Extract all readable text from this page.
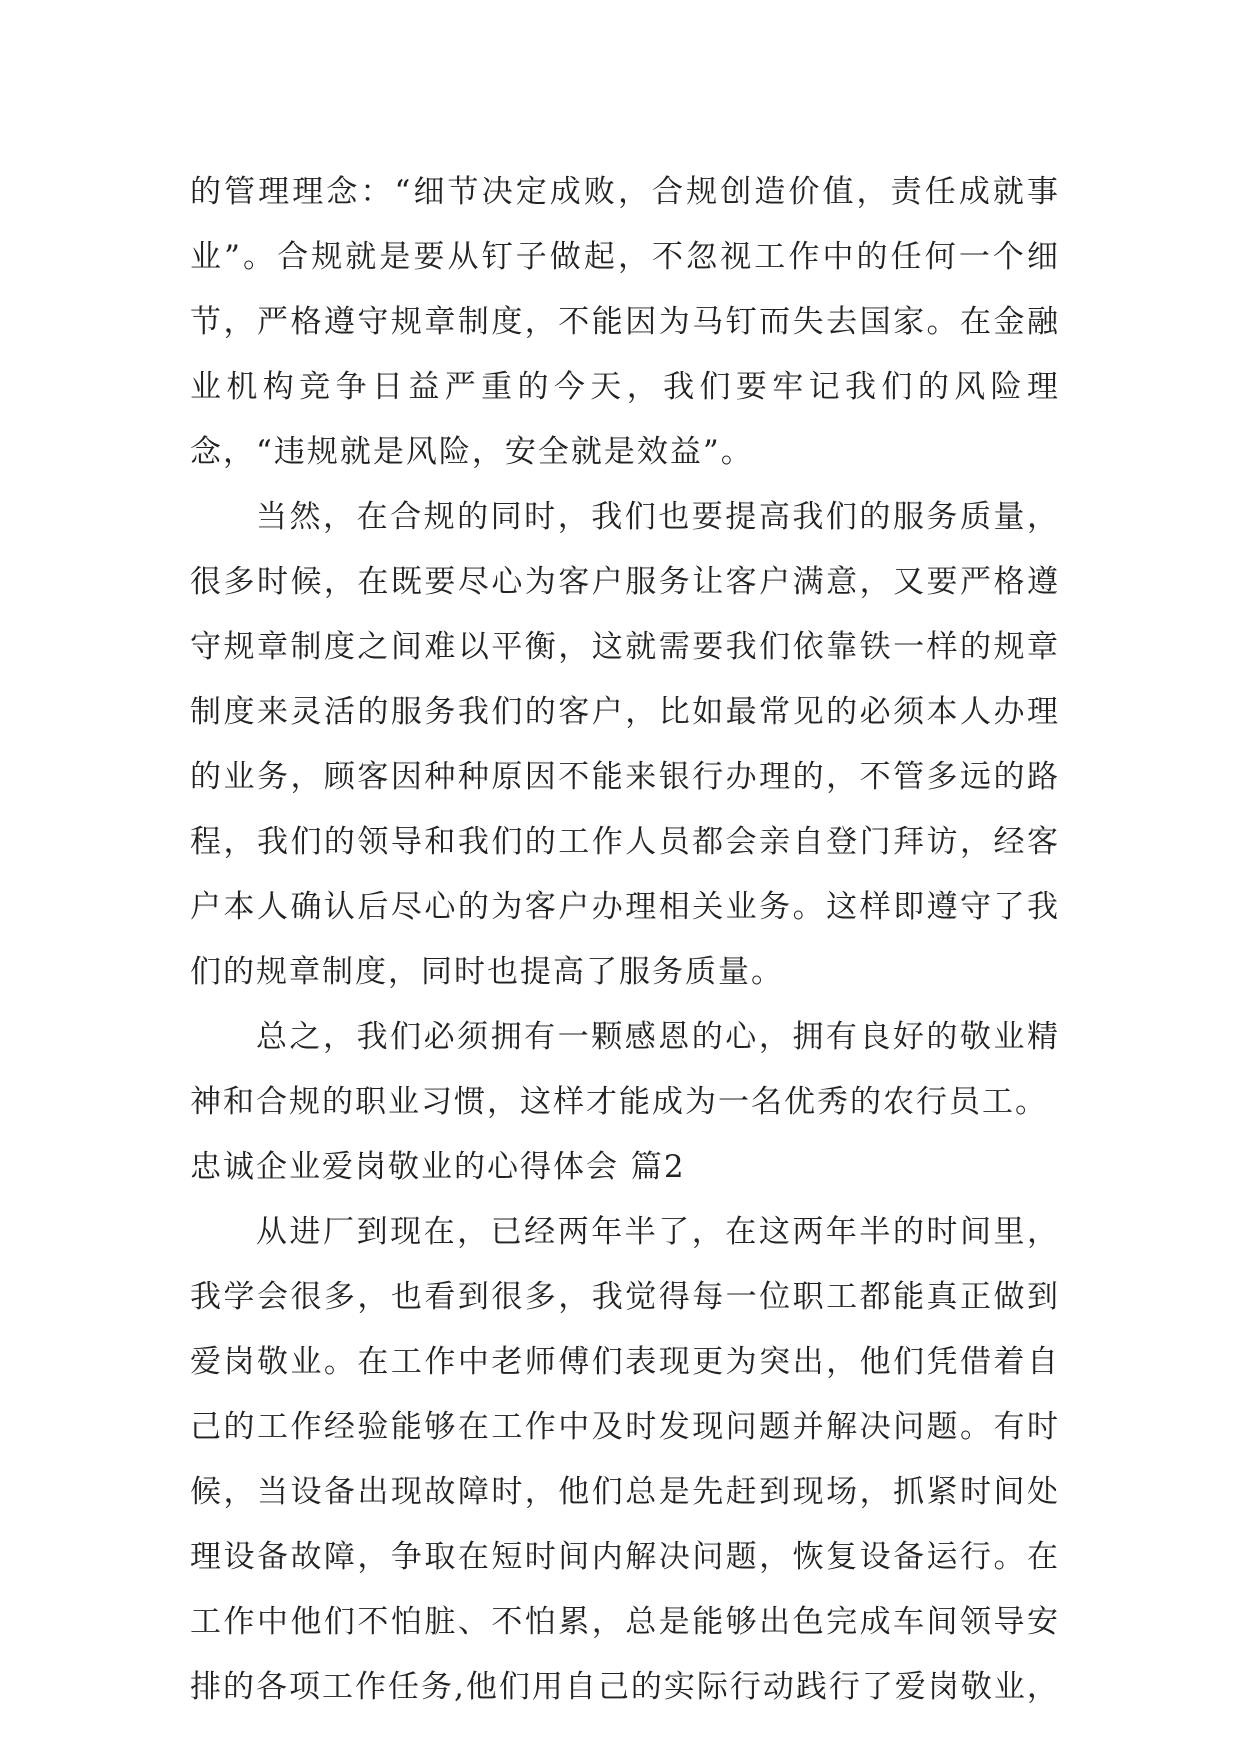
的管理理念：“细节决定成败，合规创造价值，责任成就事业”。合规就是要从钉子做起，不忽视工作中的任何一个细节，严格遵守规章制度，不能因为马钉而失去国家。在金融业机构竞争日益严重的今天，我们要牢记我们的风险理念，“违规就是风险，安全就是效益”。

当然，在合规的同时，我们也要提高我们的服务质量，很多时候，在既要尽心为客户服务让客户满意，又要严格遵守规章制度之间难以平衡，这就需要我们依靠铁一样的规章制度来灵活的服务我们的客户，比如最常见的必须本人办理的业务，顾客因种种原因不能来银行办理的，不管多远的路程，我们的领导和我们的工作人员都会亲自登门拜访，经客户本人确认后尽心的为客户办理相关业务。这样即遵守了我们的规章制度，同时也提高了服务质量。

总之，我们必须拥有一颗感恩的心，拥有良好的敬业精神和合规的职业习惯，这样才能成为一名优秀的农行员工。

忠诚企业爱岗敬业的心得体会 篇2

从进厂到现在，已经两年半了，在这两年半的时间里，我学会很多，也看到很多，我觉得每一位职工都能真正做到爱岗敬业。在工作中老师傅们表现更为突出，他们凭借着自己的工作经验能够在工作中及时发现问题并解决问题。有时候，当设备出现故障时，他们总是先赶到现场，抓紧时间处理设备故障，争取在短时间内解决问题，恢复设备运行。在工作中他们不怕脏、不怕累，总是能够出色完成车间领导安排的各项工作任务,他们用自己的实际行动践行了爱岗敬业，
